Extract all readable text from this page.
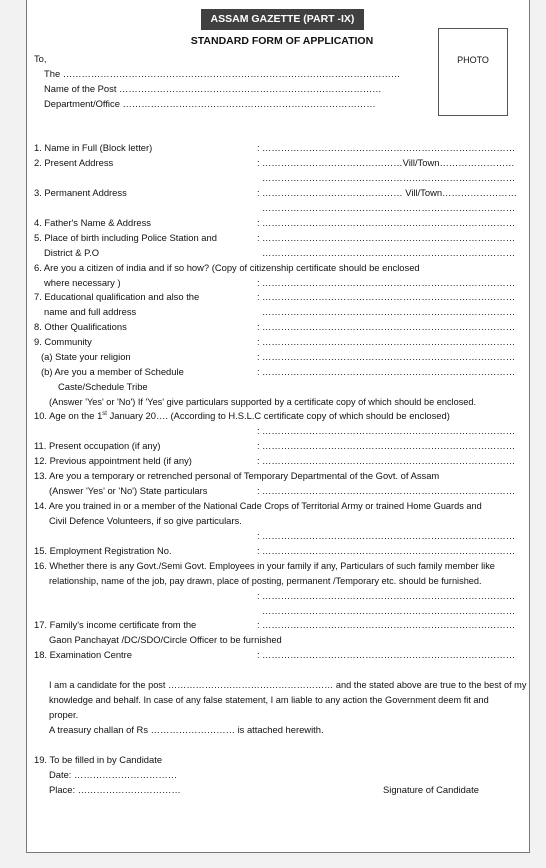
ASSAM GAZETTE (PART -IX)
STANDARD FORM OF APPLICATION
PHOTO
To,
The ………………………………………………………………………………………………
Name of the Post …………………………………………………………………………
Department/Office ………………………………………………………………………
1. Name in Full (Block letter)	: ………………………………………………………………………
2. Present Address	: ………………………………………Vill/Town……………………
………………………………………………………………………
3. Permanent Address	: ……………………………………… Vill/Town……………………
………………………………………………………………………
4. Father's Name & Address	: ………………………………………………………………………
5. Place of birth including Police Station and	: ………………………………………………………………………
District & P.O	………………………………………………………………………
6. Are you a citizen of india and if so how? (Copy of citizenship certificate should be enclosed
where necessary )	: ………………………………………………………………………
7. Educational qualification and also the	: ………………………………………………………………………
name and full address	………………………………………………………………………
8. Other Qualifications	: ………………………………………………………………………
9. Community	: ………………………………………………………………………
(a) State your religion	: ………………………………………………………………………
(b) Are you a member of Schedule	: ………………………………………………………………………
Caste/Schedule Tribe
(Answer 'Yes' or 'No') If 'Yes' give particulars supported by a certificate copy of which should be enclosed.
10. Age on the 1st January 20…. (According to H.S.L.C certificate copy of which should be enclosed)
: ………………………………………………………………………
11. Present occupation (if any)	: ………………………………………………………………………
12. Previous appointment held (if any)	: ………………………………………………………………………
13. Are you a temporary or retrenched personal of Temporary Departmental of the Govt. of Assam
(Answer 'Yes' or 'No') State particulars	: ………………………………………………………………………
14. Are you trained in or a member of the National Cade Crops of Territorial Army or trained Home Guards and
Civil Defence Volunteers, if so give particulars.
: ………………………………………………………………………
15. Employment Registration No.	: ………………………………………………………………………
16. Whether there is any Govt./Semi Govt. Employees in your family if any, Particulars of such family member like
relationship, name of the job, pay drawn, place of posting, permanent /Temporary etc. should be furnished.
: ………………………………………………………………………
………………………………………………………………………
17. Family's income certificate from the	: ………………………………………………………………………
Gaon Panchayat /DC/SDO/Circle Officer to be furnished
18. Examination Centre	: ………………………………………………………………………
I am a candidate for the post ……………………………………………… and the stated above are true to the best of my
knowledge and behalf. In case of any false statement, I am liable to any action the Government deem fit and
proper.
A treasury challan of Rs ……………………… is attached herewith.
19. To be filled in by Candidate
Date: ……………………………
Place: ……………………………	Signature of Candidate
